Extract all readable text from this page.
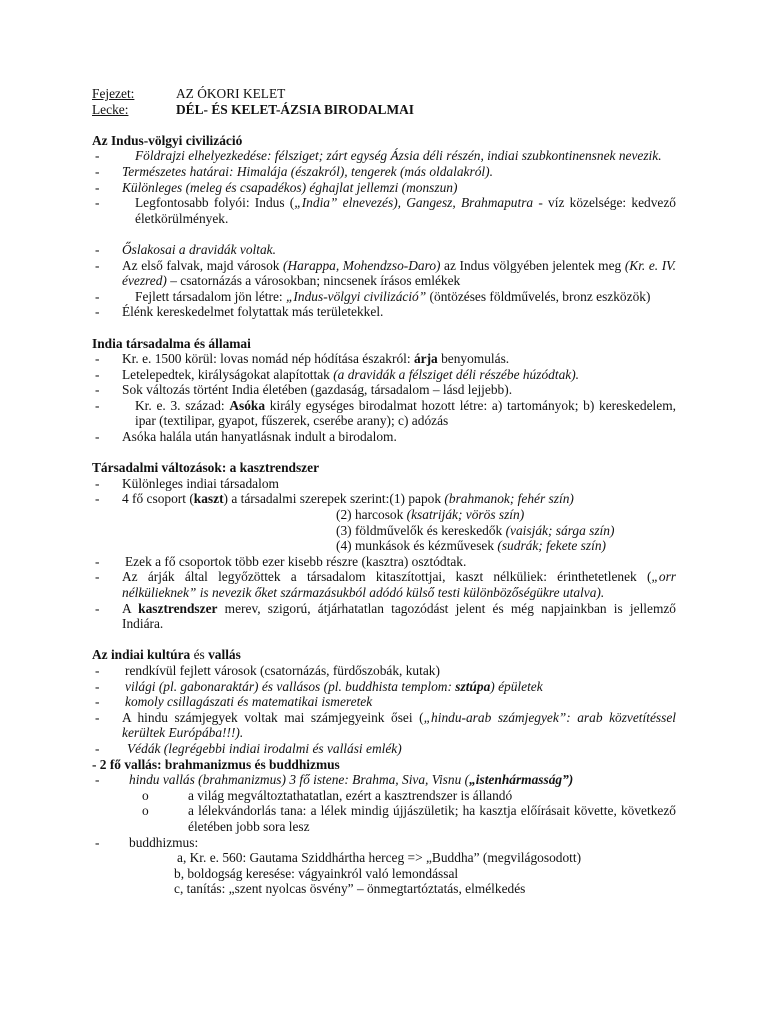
Fejezet:	AZ ÓKORI KELET
Lecke:	DÉL- ÉS KELET-ÁZSIA BIRODALMAI
Az Indus-völgyi civilizáció
-	Földrajzi elhelyezkedése: félsziget; zárt egység Ázsia déli részén, indiai szubkontinensnek nevezik.
- Természetes határai: Himalája (északról), tengerek (más oldalakról).
- Különleges (meleg és csapadékos) éghajlat jellemzi (monszun)
-	Legfontosabb folyói: Indus („India” elnevezés), Gangesz, Brahmaputra - víz közelsége: kedvező életkörülmények.
- Őslakosai a dravidák voltak.
- Az első falvak, majd városok (Harappa, Mohendzso-Daro) az Indus völgyében jelentek meg (Kr. e. IV. évezred) – csatornázás a városokban; nincsenek írásos emlékek
-	Fejlett társadalom jön létre: „Indus-völgyi civilizáció” (öntözéses földművelés, bronz eszközök)
- Élénk kereskedelmet folytattak más területekkel.
India társadalma és államai
- Kr. e. 1500 körül: lovas nomád nép hódítása északról: árja benyomulás.
- Letelepedtek, királyságokat alapítottak (a dravidák a félsziget déli részébe húzódtak).
- Sok változás történt India életében (gazdaság, társadalom – lásd lejjebb).
-	Kr. e. 3. század: Asóka király egységes birodalmat hozott létre: a) tartományok; b) kereskedelem, ipar (textilipar, gyapot, fűszerek, cserébe arany); c) adózás
- Asóka halála után hanyatlásnak indult a birodalom.
Társadalmi változások: a kasztrendszer
- Különleges indiai társadalom
- 4 fő csoport (kaszt) a társadalmi szerepek szerint:(1) papok (brahmanok; fehér szín)
(2) harcosok (ksatriják; vörös szín)
(3) földművelők és kereskedők (vaisják; sárga szín)
(4) munkások és kézművesek (sudrák; fekete szín)
- Ezek a fő csoportok több ezer kisebb részre (kasztra) osztódtak.
- Az árják által legyőzöttek a társadalom kitaszítottjai, kaszt nélküliek: érinthetetlenek („orr nélkülieknek” is nevezik őket származásukból adódó külső testi különbözőségükre utalva).
- A kasztrendszer merev, szigorú, átjárhatatlan tagozódást jelent és még napjainkban is jellemző Indiára.
Az indiai kultúra és vallás
- rendkívül fejlett városok (csatornázás, fürdőszobák, kutak)
- világi (pl. gabonaraktár) és vallásos (pl. buddhista templom: sztúpa) épületek
- komoly csillagászati és matematikai ismeretek
- A hindu számjegyek voltak mai számjegyeink ősei („hindu-arab számjegyek”: arab közvetítéssel kerültek Európába!!!).
- Védák (legrégebbi indiai irodalmi és vallási emlék)
- 2 fő vallás: brahmanizmus és buddhizmus
- hindu vallás (brahmanizmus) 3 fő istene: Brahma, Siva, Visnu („istenhármasság”)
o	a világ megváltoztathatatlan, ezért a kasztrendszer is állandó
o	a lélekvándorlás tana: a lélek mindig újjászületik; ha kasztja előírásait követte, következő életében jobb sora lesz
- buddhizmus:
a, Kr. e. 560: Gautama Sziddhártha herceg => „Buddha” (megvilágosodott)
b, boldogság keresése: vágyainkról való lemondással
c, tanítás: „szent nyolcas ösvény” – önmegtartóztatás, elmélkedés
